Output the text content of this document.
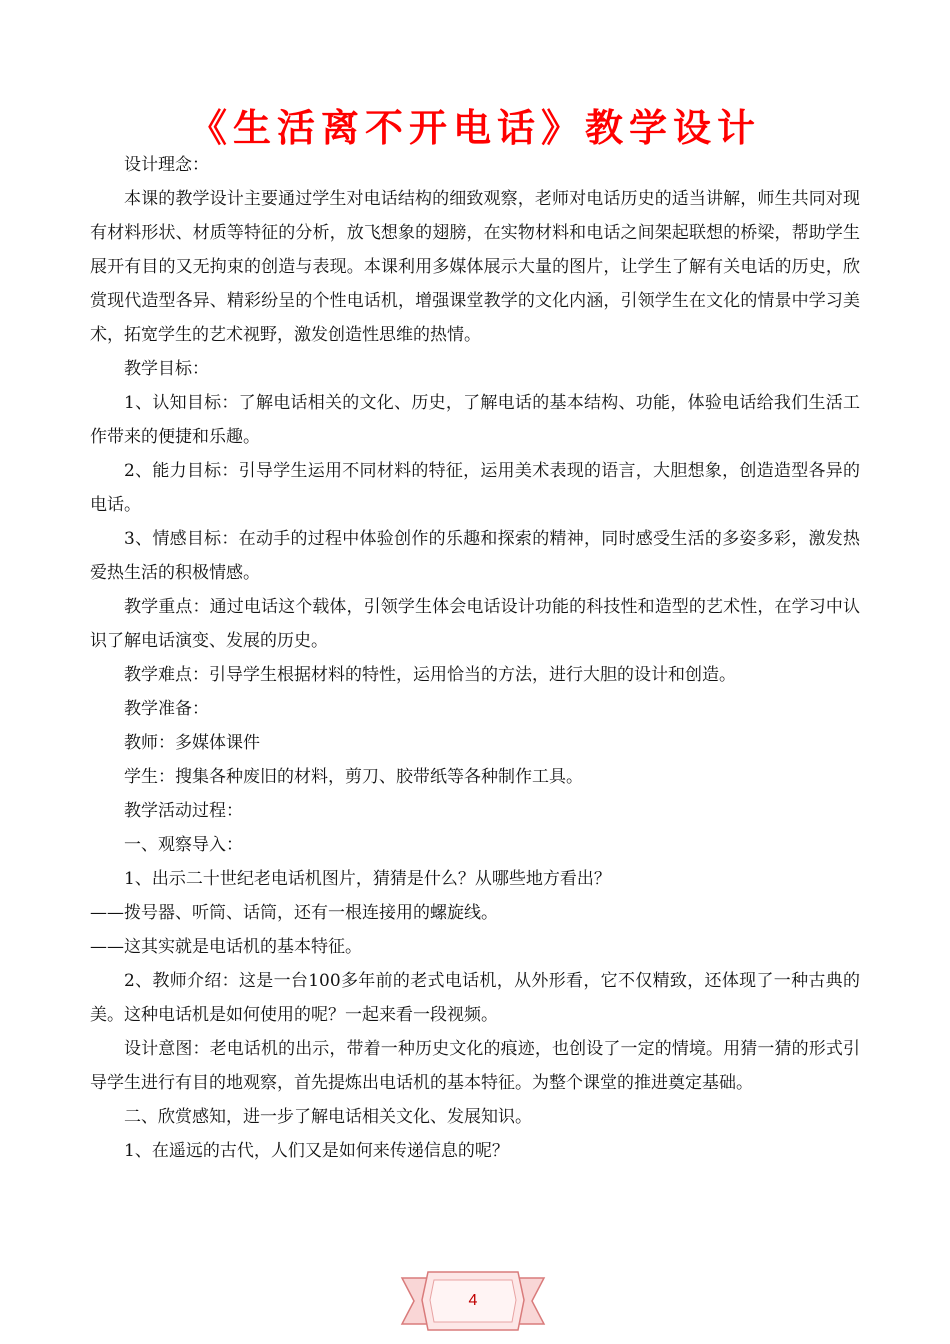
《生活离不开电话》教学设计

设计理念：

本课的教学设计主要通过学生对电话结构的细致观察，老师对电话历史的适当讲解，师生共同对现有材料形状、材质等特征的分析，放飞想象的翅膀，在实物材料和电话之间架起联想的桥梁，帮助学生展开有目的又无拘束的创造与表现。本课利用多媒体展示大量的图片，让学生了解有关电话的历史，欣赏现代造型各异、精彩纷呈的个性电话机，增强课堂教学的文化内涵，引领学生在文化的情景中学习美术，拓宽学生的艺术视野，激发创造性思维的热情。

教学目标：

1、认知目标：了解电话相关的文化、历史，了解电话的基本结构、功能，体验电话给我们生活工作带来的便捷和乐趣。

2、能力目标：引导学生运用不同材料的特征，运用美术表现的语言，大胆想象，创造造型各异的电话。

3、情感目标：在动手的过程中体验创作的乐趣和探索的精神，同时感受生活的多姿多彩，激发热爱热生活的积极情感。

教学重点：通过电话这个载体，引领学生体会电话设计功能的科技性和造型的艺术性，在学习中认识了解电话演变、发展的历史。

教学难点：引导学生根据材料的特性，运用恰当的方法，进行大胆的设计和创造。

教学准备：

教师：多媒体课件

学生：搜集各种废旧的材料，剪刀、胶带纸等各种制作工具。

教学活动过程：

一、观察导入：

1、出示二十世纪老电话机图片，猜猜是什么？从哪些地方看出？

——拨号器、听筒、话筒，还有一根连接用的螺旋线。

——这其实就是电话机的基本特征。

2、教师介绍：这是一台100多年前的老式电话机，从外形看，它不仅精致，还体现了一种古典的美。这种电话机是如何使用的呢？一起来看一段视频。

设计意图：老电话机的出示，带着一种历史文化的痕迹，也创设了一定的情境。用猜一猜的形式引导学生进行有目的地观察，首先提炼出电话机的基本特征。为整个课堂的推进奠定基础。

二、欣赏感知，进一步了解电话相关文化、发展知识。

1、在遥远的古代，人们又是如何来传递信息的呢？

4
